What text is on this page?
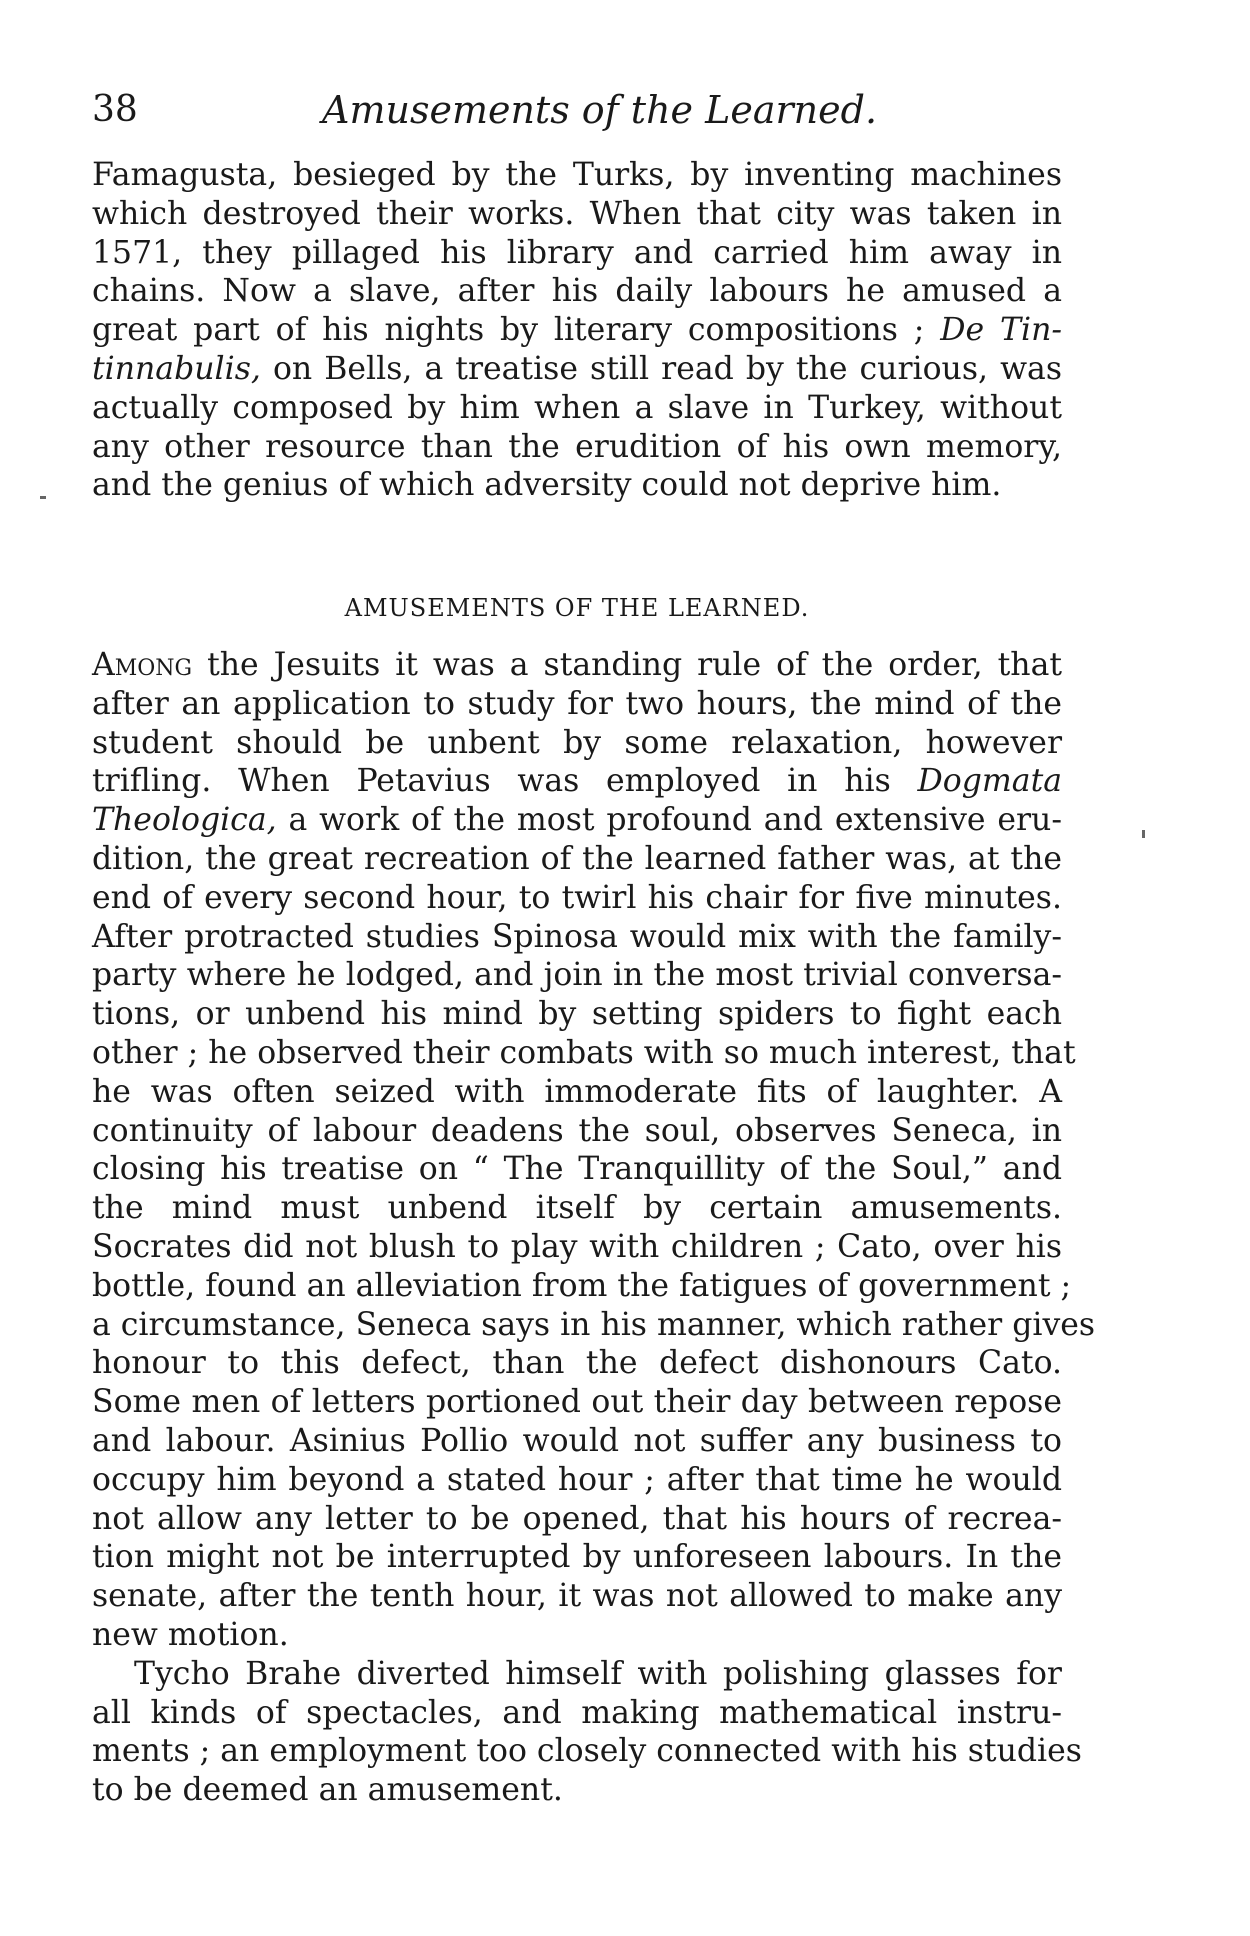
38	Amusements of the Learned.
Famagusta, besieged by the Turks, by inventing machines
which destroyed their works. When that city was taken in
1571, they pillaged his library and carried him away in
chains. Now a slave, after his daily labours he amused a
great part of his nights by literary compositions ; De Tin-
tinnabulis, on Bells, a treatise still read by the curious, was
actually composed by him when a slave in Turkey, without
any other resource than the erudition of his own memory,
and the genius of which adversity could not deprive him.
AMUSEMENTS OF THE LEARNED.
Among the Jesuits it was a standing rule of the order, that
after an application to study for two hours, the mind of the
student should be unbent by some relaxation, however
trifling. When Petavius was employed in his Dogmata
Theologica, a work of the most profound and extensive eru-
dition, the great recreation of the learned father was, at the
end of every second hour, to twirl his chair for five minutes.
After protracted studies Spinosa would mix with the family-
party where he lodged, and join in the most trivial conversa-
tions, or unbend his mind by setting spiders to fight each
other ; he observed their combats with so much interest, that
he was often seized with immoderate fits of laughter. A
continuity of labour deadens the soul, observes Seneca, in
closing his treatise on “ The Tranquillity of the Soul,” and
the mind must unbend itself by certain amusements.
Socrates did not blush to play with children ; Cato, over his
bottle, found an alleviation from the fatigues of government ;
a circumstance, Seneca says in his manner, which rather gives
honour to this defect, than the defect dishonours Cato.
Some men of letters portioned out their day between repose
and labour. Asinius Pollio would not suffer any business to
occupy him beyond a stated hour ; after that time he would
not allow any letter to be opened, that his hours of recrea-
tion might not be interrupted by unforeseen labours. In the
senate, after the tenth hour, it was not allowed to make any
new motion.
Tycho Brahe diverted himself with polishing glasses for
all kinds of spectacles, and making mathematical instru-
ments ; an employment too closely connected with his studies
to be deemed an amusement.
